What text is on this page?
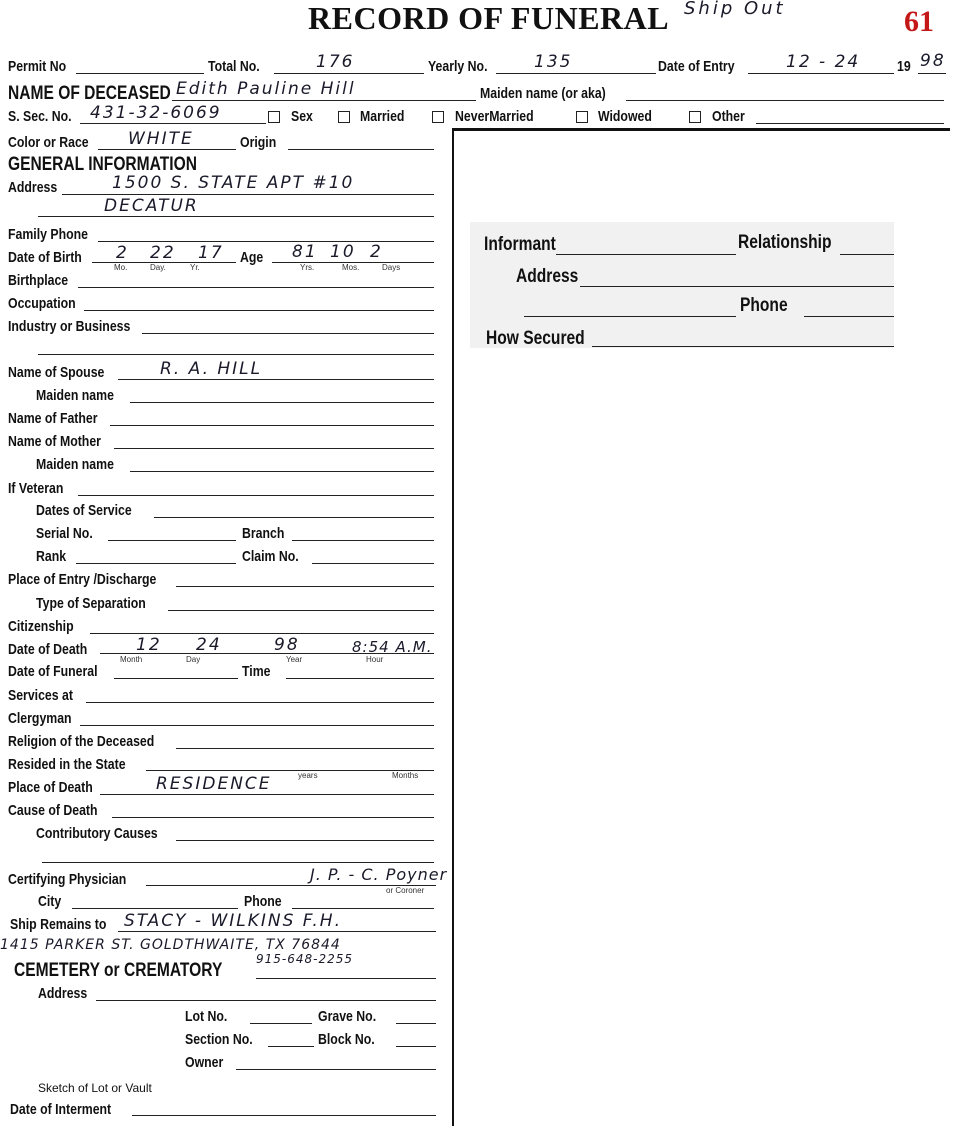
RECORD OF FUNERAL Ship Out	61
Permit No	Total No.	176	Yearly No.	135	Date of Entry	12 - 24 19 98
NAME OF DECEASED Edith Pauline Hill	Maiden name (or aka)
S. Sec. No. 431-32-6069	Sex	Married	NeverMarried	Widowed	Other
Color or Race WHITE	Origin
Informant	Relationship
Address
Phone
How Secured
GENERAL INFORMATION
Address	1500 S. STATE APT #10
DECATUR
Family Phone
Date of Birth 2 22 17
Mo.	Day.	Yr.
Age 81 10 2
Yrs.	Mos.	Days
Birthplace
Occupation
Industry or Business
Name of Spouse	R. A. HILL
Maiden name
Name of Father
Name of Mother
Maiden name
If Veteran
Dates of Service
Serial No.	Branch
Rank	Claim No.
Place of Entry /Discharge
Type of Separation
Citizenship
Date of Death	12 24	98	8:54 A.M.
Month	Day	Year	Hour
Date of Funeral	Time
Services at
Clergyman
Religion of the Deceased
Resided in the State
years	Months
Place of Death	RESIDENCE
Cause of Death
Contributory Causes
Certifying Physician	J. P. - C. Poyner
or Coroner
City	Phone
Ship Remains to STACY - WILKINS F.H.
1415 PARKER ST. GOLDTHWAITE, TX 76844
915-648-2255
CEMETERY or CREMATORY
Address
Lot No.	Grave No.
Section No.	Block No.
Owner
Sketch of Lot or Vault
Date of Interment
